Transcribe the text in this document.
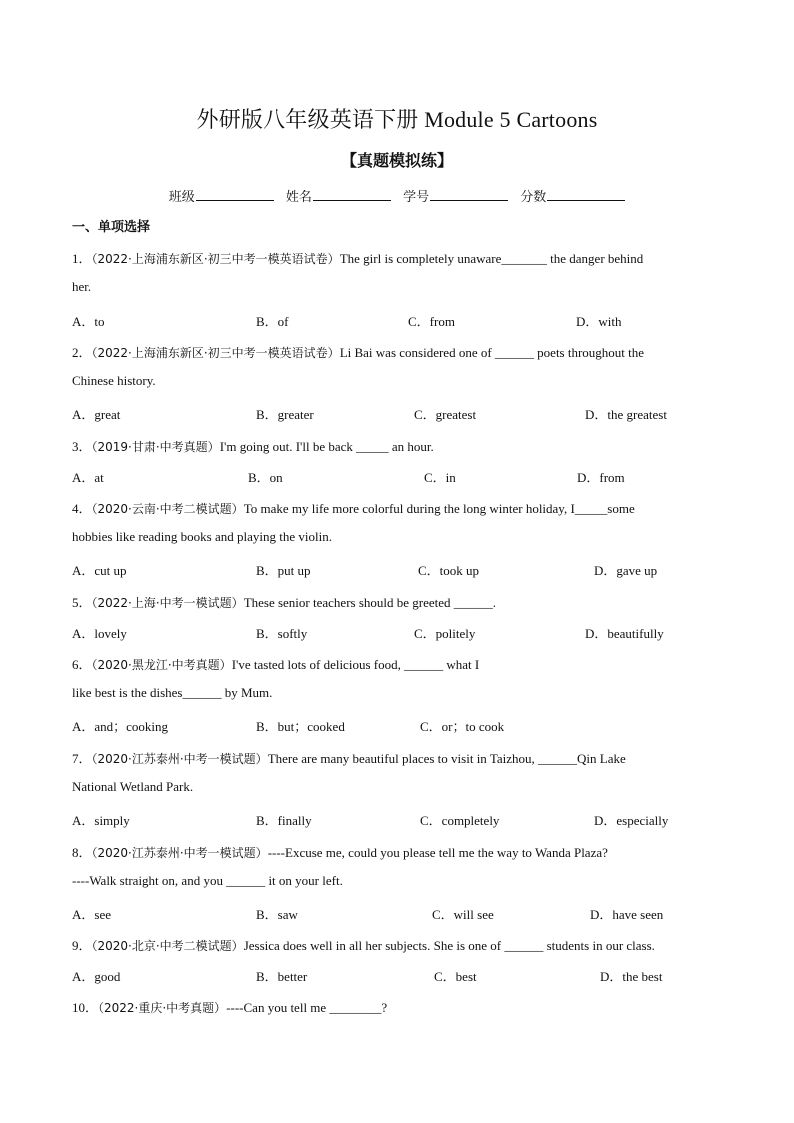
外研版八年级英语下册 Module 5 Cartoons
【真题模拟练】
班级	姓名	学号	分数
一、单项选择
1．（2022·上海浦东新区·初三中考一模英语试卷）The girl is completely unaware_______ the danger behind
her.
A．to	B．of	C．from	D．with
2．（2022·上海浦东新区·初三中考一模英语试卷）Li Bai was considered one of ______ poets throughout the
Chinese history.
A．great	B．greater	C．greatest	D．the greatest
3．（2019·甘肃·中考真题）I'm going out. I'll be back _____ an hour.
A．at	B．on	C．in	D．from
4．（2020·云南·中考二模试题）To make my life more colorful during the long winter holiday, I_____some
hobbies like reading books and playing the violin.
A．cut up	B．put up	C．took up	D．gave up
5．（2022·上海·中考一模试题）These senior teachers should be greeted ______.
A．lovely	B．softly	C．politely	D．beautifully
6．（2020·黑龙江·中考真题）I've tasted lots of delicious food, ______ what I
like best is the dishes______ by Mum.
A．and；cooking	B．but；cooked	C．or；to cook
7．（2020·江苏泰州·中考一模试题）There are many beautiful places to visit in Taizhou, ______Qin Lake
National Wetland Park.
A．simply	B．finally	C．completely	D．especially
8．（2020·江苏泰州·中考一模试题）----Excuse me, could you please tell me the way to Wanda Plaza?
----Walk straight on, and you ______ it on your left.
A．see	B．saw	C．will see	D．have seen
9．（2020·北京·中考二模试题）Jessica does well in all her subjects. She is one of ______ students in our class.
A．good	B．better	C．best	D．the best
10．（2022·重庆·中考真题）----Can you tell me ________?
